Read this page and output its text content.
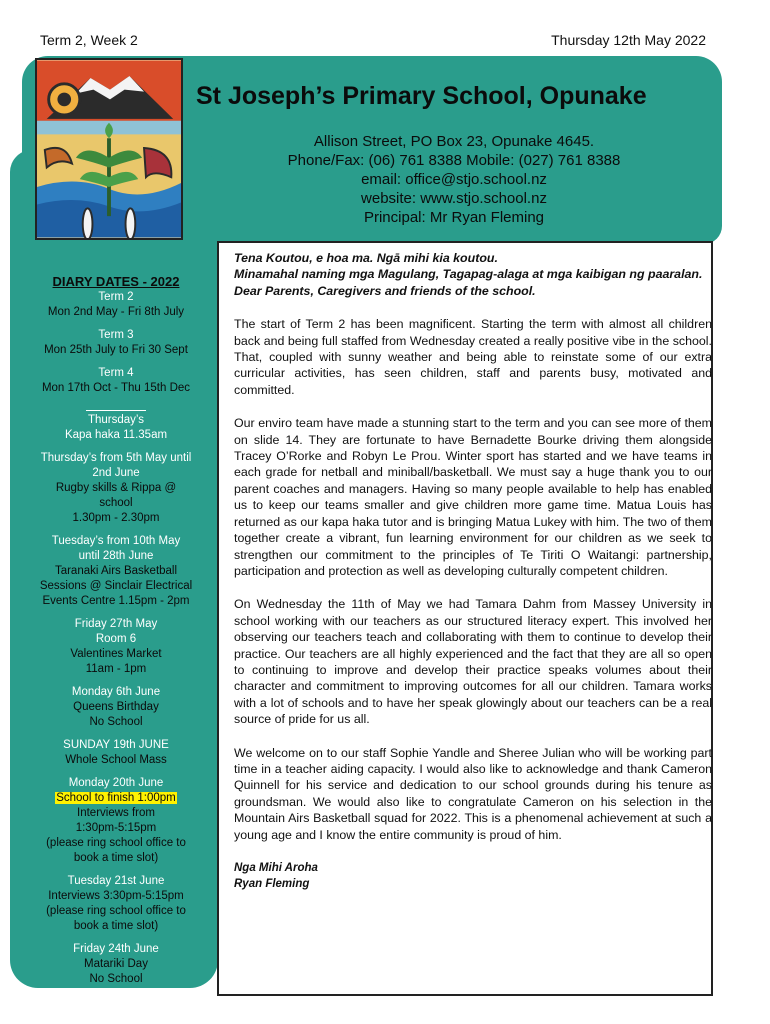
Term 2, Week 2	Thursday 12th May 2022
St Joseph’s Primary School, Opunake
Allison Street, PO Box 23, Opunake 4645.
Phone/Fax: (06) 761 8388 Mobile: (027) 761 8388
email: office@stjo.school.nz
website: www.stjo.school.nz
Principal: Mr Ryan Fleming
DIARY DATES - 2022
Term 2
Mon 2nd May - Fri 8th July
Term 3
Mon 25th July to Fri 30 Sept
Term 4
Mon 17th Oct - Thu 15th Dec
Thursday’s
Kapa haka 11.35am
Thursday’s from 5th May until
2nd June
Rugby skills & Rippa @
school
1.30pm - 2.30pm
Tuesday’s from 10th May
until 28th June
Taranaki Airs Basketball
Sessions @ Sinclair Electrical
Events Centre 1.15pm - 2pm
Friday 27th May
Room 6
Valentines Market
11am - 1pm
Monday 6th June
Queens Birthday
No School
SUNDAY 19th JUNE
Whole School Mass
Monday 20th June
School to finish 1:00pm
Interviews from
1:30pm-5:15pm
(please ring school office to
book a time slot)
Tuesday 21st June
Interviews 3:30pm-5:15pm
(please ring school office to
book a time slot)
Friday 24th June
Matariki Day
No School
Tena Koutou, e hoa ma. Ngā mihi kia koutou.
Minamahal naming mga Magulang, Tagapag-alaga at mga kaibigan ng paaralan.
Dear Parents, Caregivers and friends of the school.

The start of Term 2 has been magnificent. Starting the term with almost all children back and being full staffed from Wednesday created a really positive vibe in the school. That, coupled with sunny weather and being able to reinstate some of our extra curricular activities, has seen children, staff and parents busy, motivated and committed.

Our enviro team have made a stunning start to the term and you can see more of them on slide 14. They are fortunate to have Bernadette Bourke driving them alongside Tracey O’Rorke and Robyn Le Prou. Winter sport has started and we have teams in each grade for netball and miniball/basketball. We must say a huge thank you to our parent coaches and managers. Having so many people available to help has enabled us to keep our teams smaller and give children more game time. Matua Louis has returned as our kapa haka tutor and is bringing Matua Lukey with him. The two of them together create a vibrant, fun learning environment for our children as we seek to strengthen our commitment to the principles of Te Tiriti O Waitangi: partnership, participation and protection as well as developing culturally competent children.

On Wednesday the 11th of May we had Tamara Dahm from Massey University in school working with our teachers as our structured literacy expert. This involved her observing our teachers teach and collaborating with them to continue to develop their practice. Our teachers are all highly experienced and the fact that they are all so open to continuing to improve and develop their practice speaks volumes about their character and commitment to improving outcomes for all our children. Tamara works with a lot of schools and to have her speak glowingly about our teachers can be a real source of pride for us all.

We welcome on to our staff Sophie Yandle and Sheree Julian who will be working part time in a teacher aiding capacity. I would also like to acknowledge and thank Cameron Quinnell for his service and dedication to our school grounds during his tenure as groundsman. We would also like to congratulate Cameron on his selection in the Mountain Airs Basketball squad for 2022. This is a phenomenal achievement at such a young age and I know the entire community is proud of him.

Nga Mihi Aroha
Ryan Fleming
